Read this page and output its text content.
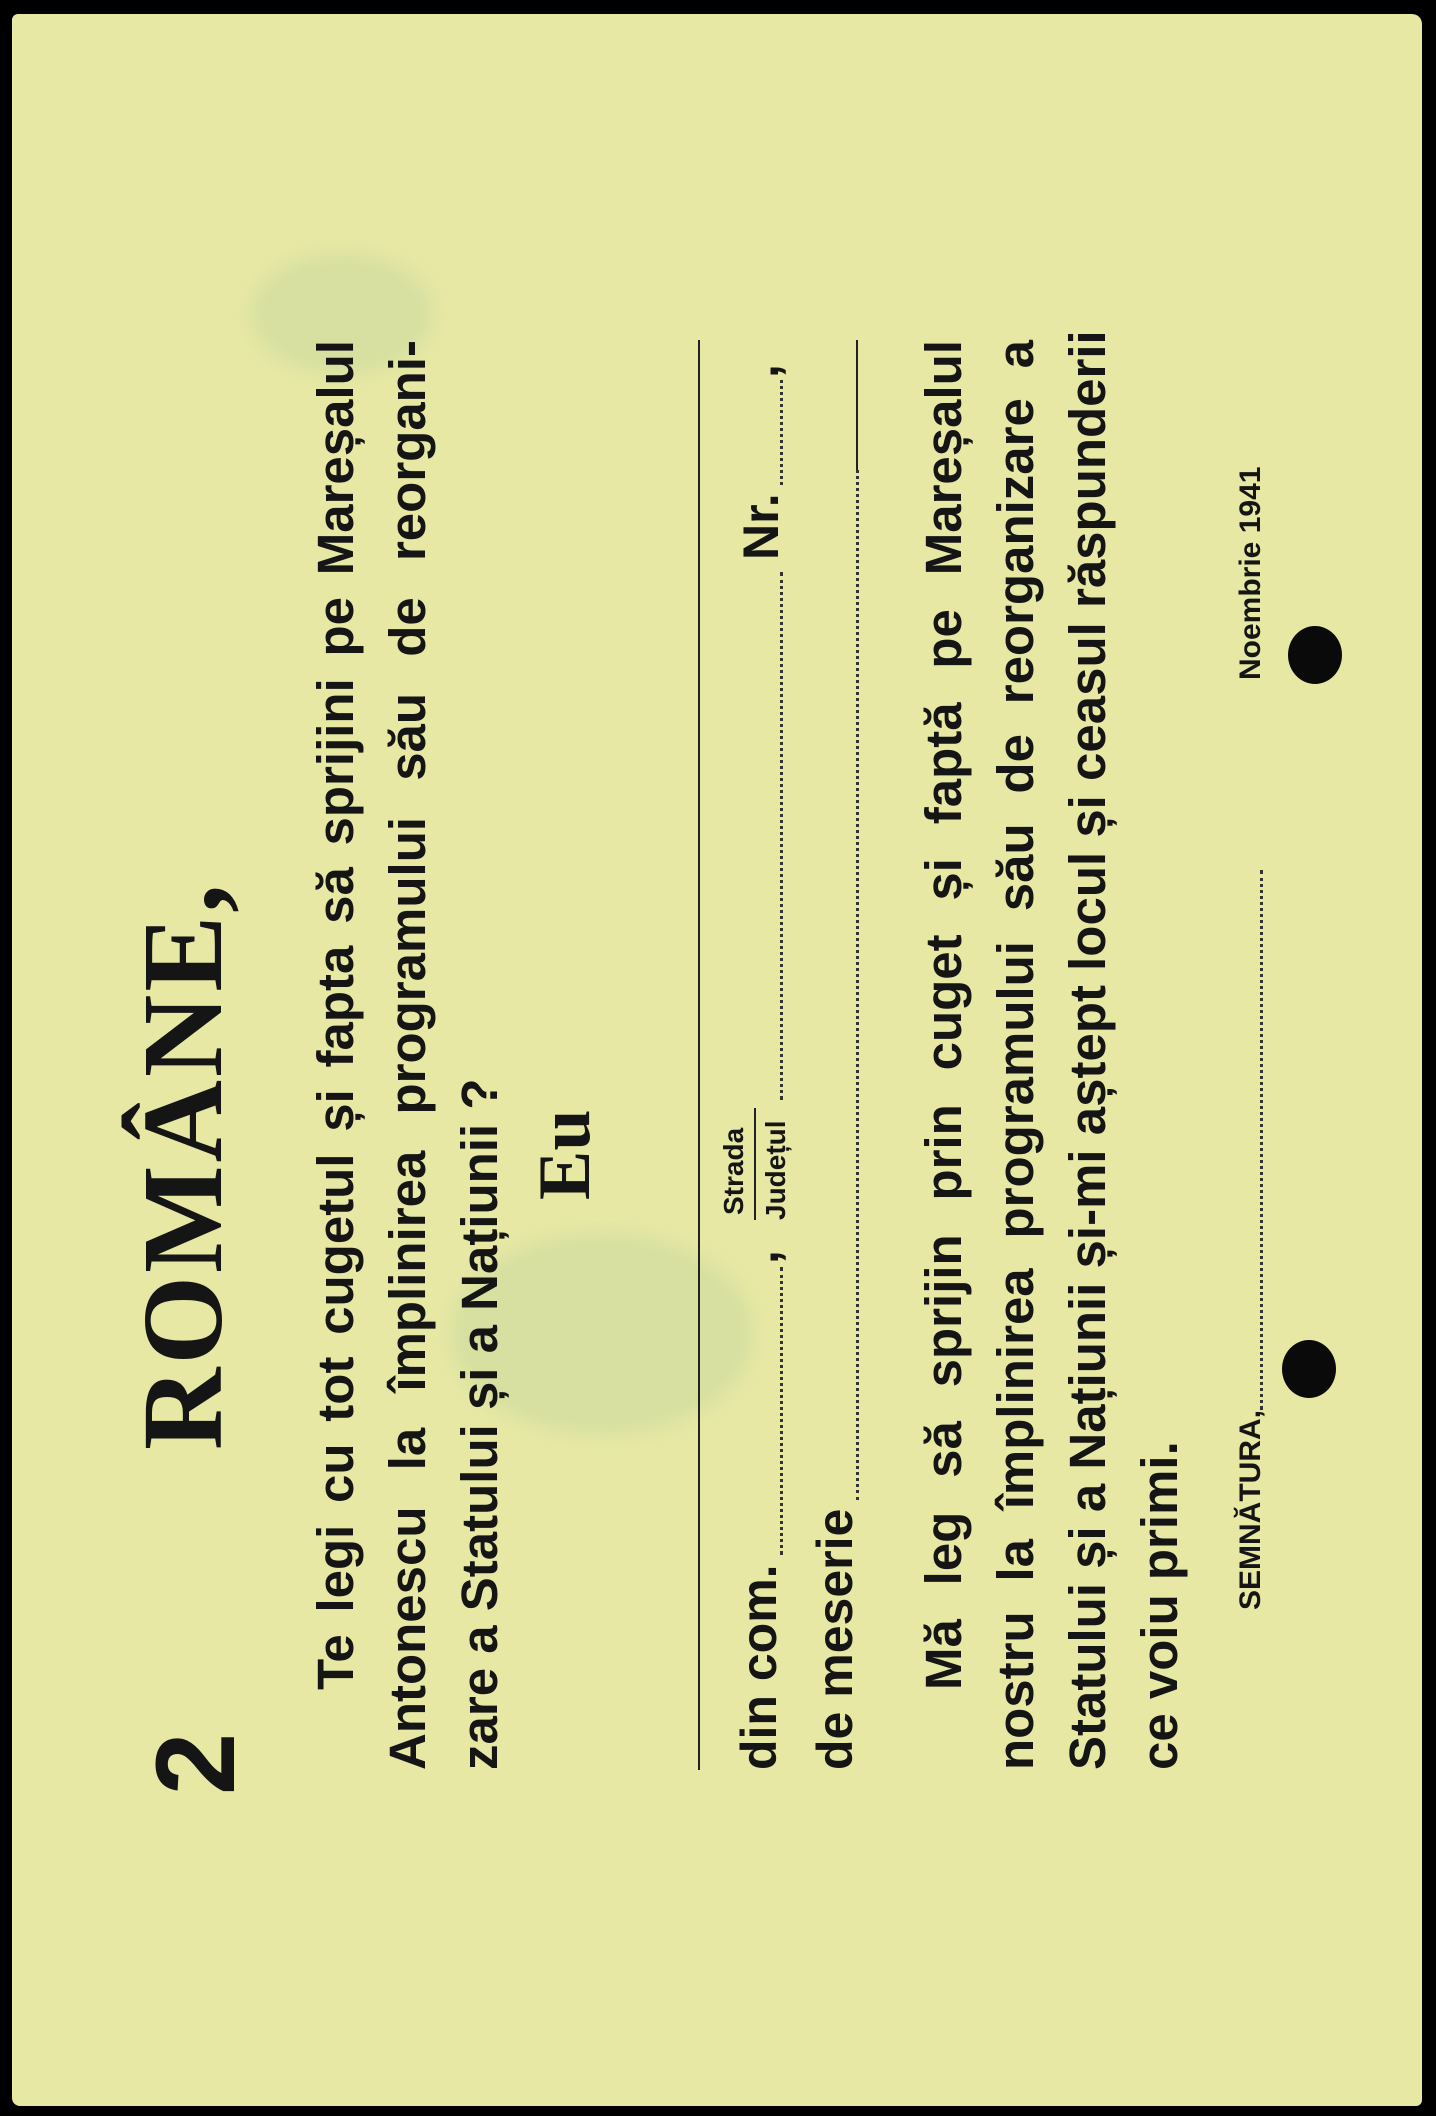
2
ROMÂNE, Te legi cu tot cugetul și fapta să sprijini pe Mareșalul Antonescu la împlinirea programului său de reorgani- zare a Statului și a Națiunii ? Eu
din com.
,
Strada Județul
Nr.
,
de meserie Mă leg să sprijin prin cuget și faptă pe Mareșalul nostru la împlinirea programului său de reorganizare a Statului și a Națiunii și-mi aștept locul și ceasul răspunderii ce voiu primi. SEMNĂTURA,
Noembrie 1941
